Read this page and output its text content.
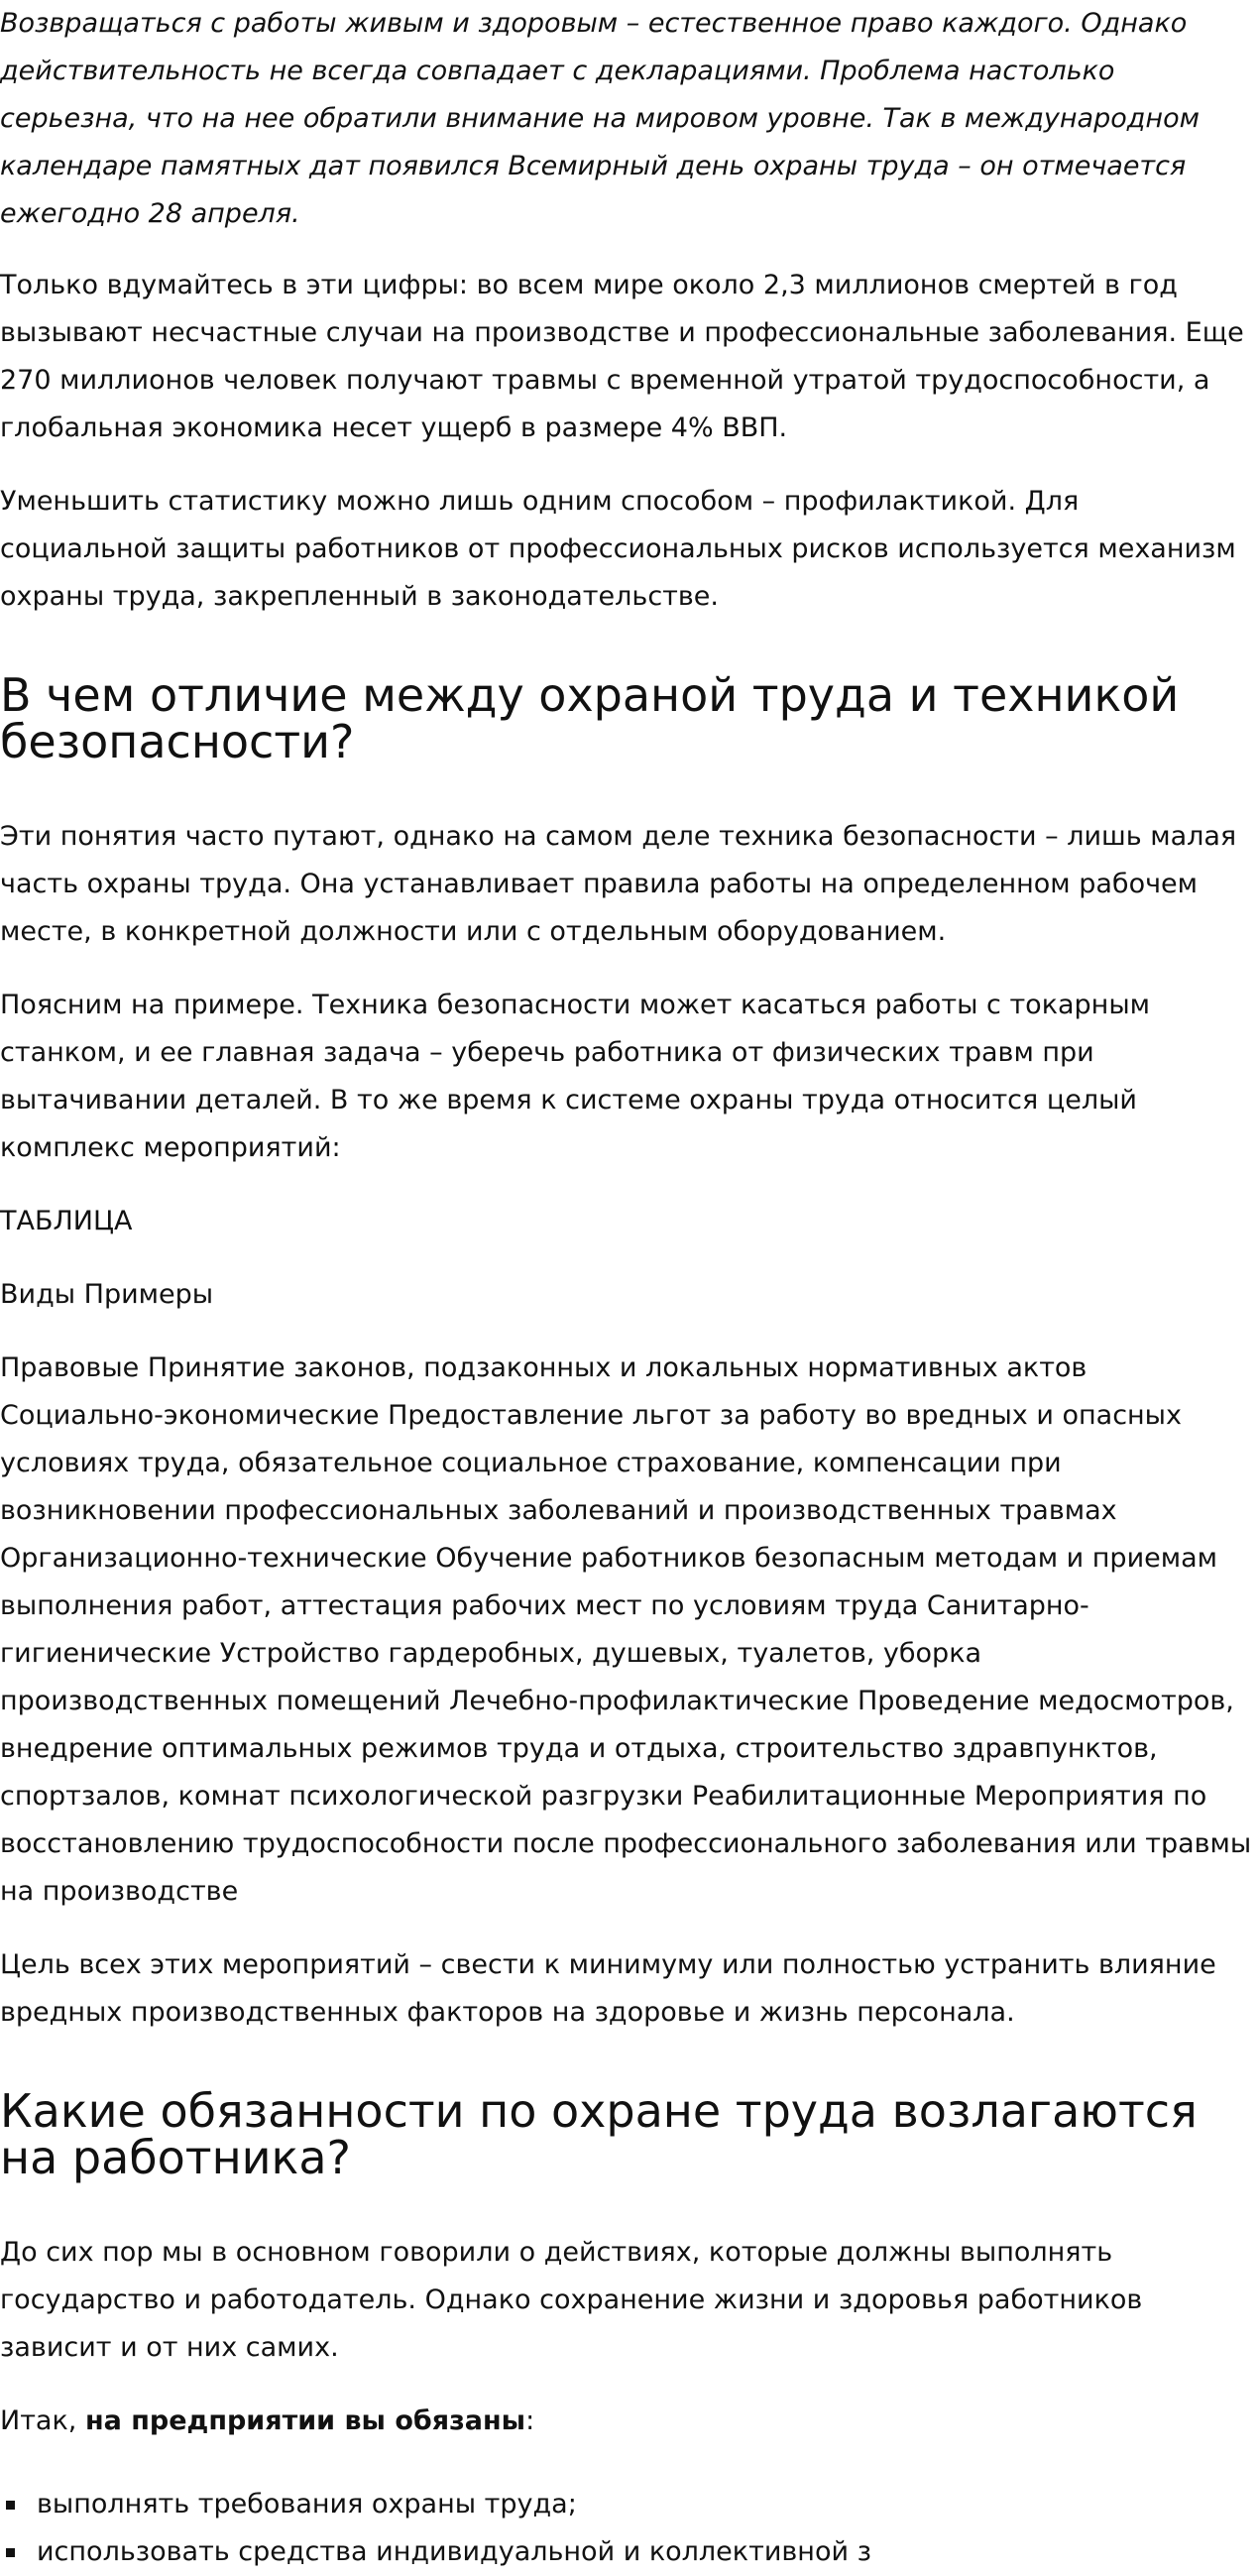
Возвращаться с работы живым и здоровым – естественное право каждого. Однако действительность не всегда совпадает с декларациями. Проблема настолько серьезна, что на нее обратили внимание на мировом уровне. Так в международном календаре памятных дат появился Всемирный день охраны труда – он отмечается ежегодно 28 апреля.

Только вдумайтесь в эти цифры: во всем мире около 2,3 миллионов смертей в год вызывают несчастные случаи на производстве и профессиональные заболевания. Еще 270 миллионов человек получают травмы с временной утратой трудоспособности, а глобальная экономика несет ущерб в размере 4% ВВП.

Уменьшить статистику можно лишь одним способом – профилактикой. Для социальной защиты работников от профессиональных рисков используется механизм охраны труда, закрепленный в законодательстве.

В чем отличие между охраной труда и техникой безопасности?

Эти понятия часто путают, однако на самом деле техника безопасности – лишь малая часть охраны труда. Она устанавливает правила работы на определенном рабочем месте, в конкретной должности или с отдельным оборудованием.

Поясним на примере. Техника безопасности может касаться работы с токарным станком, и ее главная задача – уберечь работника от физических травм при вытачивании деталей. В то же время к системе охраны труда относится целый комплекс мероприятий:

ТАБЛИЦА

Виды Примеры

Правовые Принятие законов, подзаконных и локальных нормативных актов Социально-экономические Предоставление льгот за работу во вредных и опасных условиях труда, обязательное социальное страхование, компенсации при возникновении профессиональных заболеваний и производственных травмах Организационно-технические Обучение работников безопасным методам и приемам выполнения работ, аттестация рабочих мест по условиям труда Санитарно-гигиенические Устройство гардеробных, душевых, туалетов, уборка производственных помещений Лечебно-профилактические Проведение медосмотров, внедрение оптимальных режимов труда и отдыха, строительство здравпунктов, спортзалов, комнат психологической разгрузки Реабилитационные Мероприятия по восстановлению трудоспособности после профессионального заболевания или травмы на производстве

Цель всех этих мероприятий – свести к минимуму или полностью устранить влияние вредных производственных факторов на здоровье и жизнь персонала.

Какие обязанности по охране труда возлагаются на работника?

До сих пор мы в основном говорили о действиях, которые должны выполнять государство и работодатель. Однако сохранение жизни и здоровья работников зависит и от них самих.

Итак, на предприятии вы обязаны:

выполнять требования охраны труда;
использовать средства индивидуальной и коллективной з
